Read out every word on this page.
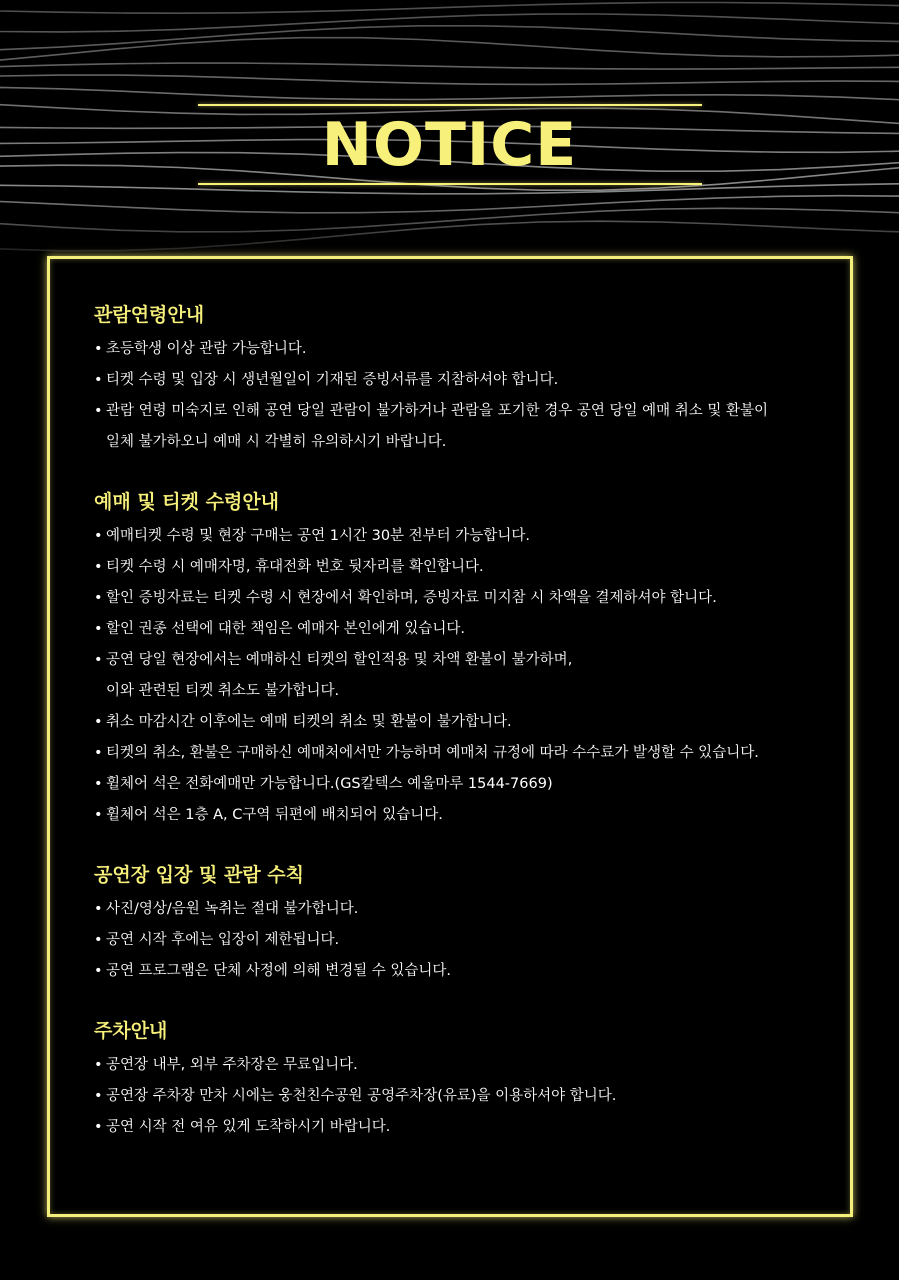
NOTICE
관람연령안내
• 초등학생 이상 관람 가능합니다.
• 티켓 수령 및 입장 시 생년월일이 기재된 증빙서류를 지참하셔야 합니다.
• 관람 연령 미숙지로 인해 공연 당일 관람이 불가하거나 관람을 포기한 경우 공연 당일 예매 취소 및 환불이
일체 불가하오니 예매 시 각별히 유의하시기 바랍니다.
예매 및 티켓 수령안내
• 예매티켓 수령 및 현장 구매는 공연 1시간 30분 전부터 가능합니다.
• 티켓 수령 시 예매자명, 휴대전화 번호 뒷자리를 확인합니다.
• 할인 증빙자료는 티켓 수령 시 현장에서 확인하며, 증빙자료 미지참 시 차액을 결제하셔야 합니다.
• 할인 권종 선택에 대한 책임은 예매자 본인에게 있습니다.
• 공연 당일 현장에서는 예매하신 티켓의 할인적용 및 차액 환불이 불가하며,
이와 관련된 티켓 취소도 불가합니다.
• 취소 마감시간 이후에는 예매 티켓의 취소 및 환불이 불가합니다.
• 티켓의 취소, 환불은 구매하신 예매처에서만 가능하며 예매처 규정에 따라 수수료가 발생할 수 있습니다.
• 휠체어 석은 전화예매만 가능합니다.(GS칼텍스 예울마루 1544-7669)
• 휠체어 석은 1층 A, C구역 뒤편에 배치되어 있습니다.
공연장 입장 및 관람 수칙
• 사진/영상/음원 녹취는 절대 불가합니다.
• 공연 시작 후에는 입장이 제한됩니다.
• 공연 프로그램은 단체 사정에 의해 변경될 수 있습니다.
주차안내
• 공연장 내부, 외부 주차장은 무료입니다.
• 공연장 주차장 만차 시에는 웅천친수공원 공영주차장(유료)을 이용하셔야 합니다.
• 공연 시작 전 여유 있게 도착하시기 바랍니다.
